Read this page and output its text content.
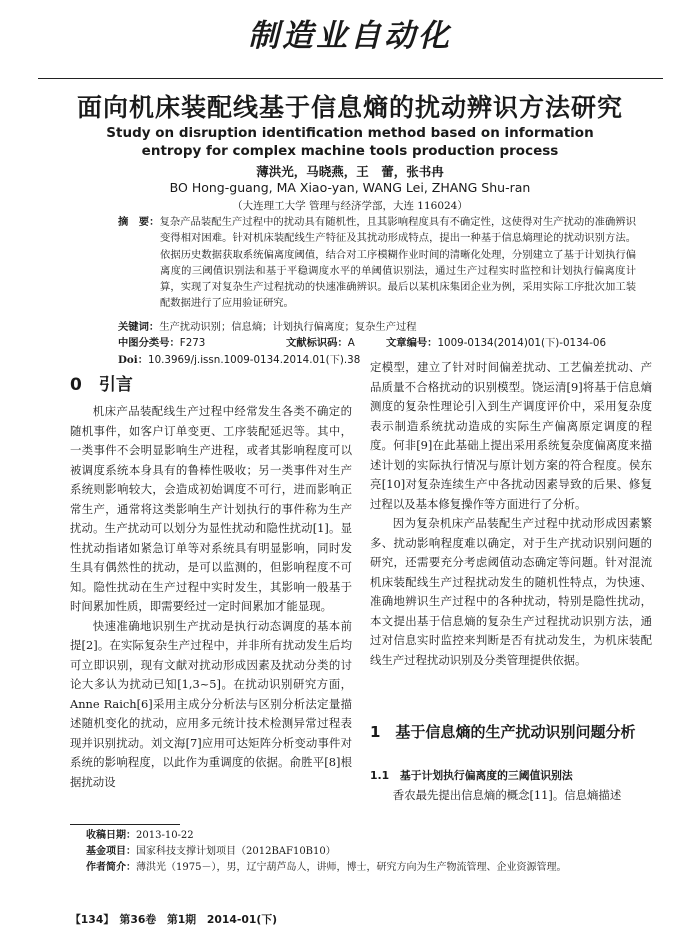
制造业自动化
面向机床装配线基于信息熵的扰动辨识方法研究
Study on disruption identification method based on information entropy for complex machine tools production process
薄洪光，马晓燕，王　蕾，张书冉
BO Hong-guang, MA Xiao-yan, WANG Lei, ZHANG Shu-ran
（大连理工大学 管理与经济学部，大连 116024）
摘　要：复杂产品装配生产过程中的扰动具有随机性，且其影响程度具有不确定性，这使得对生产扰动的准确辨识变得相对困难。针对机床装配线生产特征及其扰动形成特点，提出一种基于信息熵理论的扰动识别方法。依据历史数据获取系统偏离度阈值，结合对工序模糊作业时间的清晰化处理，分别建立了基于计划执行偏离度的三阈值识别法和基于平稳调度水平的单阈值识别法，通过生产过程实时监控和计划执行偏离度计算，实现了对复杂生产过程扰动的快速准确辨识。最后以某机床集团企业为例，采用实际工序批次加工装配数据进行了应用验证研究。
关键词：生产扰动识别；信息熵；计划执行偏离度；复杂生产过程
中图分类号：F273	文献标识码：A	文章编号：1009-0134(2014)01(下)-0134-06
Doi：10.3969/j.issn.1009-0134.2014.01(下).38
0　引言

机床产品装配线生产过程中经常发生各类不确定的随机事件，如客户订单变更、工序装配延迟等。其中，一类事件不会明显影响生产进程，或者其影响程度可以被调度系统本身具有的鲁棒性吸收；另一类事件对生产系统则影响较大，会造成初始调度不可行，进而影响正常生产，通常将这类影响生产计划执行的事件称为生产扰动。生产扰动可以划分为显性扰动和隐性扰动[1]。显性扰动指诸如紧急订单等对系统具有明显影响，同时发生具有偶然性的扰动，是可以监测的，但影响程度不可知。隐性扰动在生产过程中实时发生，其影响一般基于时间累加性质，即需要经过一定时间累加才能显现。

快速准确地识别生产扰动是执行动态调度的基本前提[2]。在实际复杂生产过程中，并非所有扰动发生后均可立即识别，现有文献对扰动形成因素及扰动分类的讨论大多认为扰动已知[1,3~5]。在扰动识别研究方面，Anne Raich[6]采用主成分分析法与区别分析法定量描述随机变化的扰动，应用多元统计技术检测异常过程表现并识别扰动。刘文海[7]应用可达矩阵分析变动事件对系统的影响程度，以此作为重调度的依据。俞胜平[8]根据扰动设

定模型，建立了针对时间偏差扰动、工艺偏差扰动、产品质量不合格扰动的识别模型。饶运清[9]将基于信息熵测度的复杂性理论引入到生产调度评价中，采用复杂度表示制造系统扰动造成的实际生产偏离原定调度的程度。何非[9]在此基础上提出采用系统复杂度偏离度来描述计划的实际执行情况与原计划方案的符合程度。侯东亮[10]对复杂连续生产中各扰动因素导致的后果、修复过程以及基本修复操作等方面进行了分析。

因为复杂机床产品装配生产过程中扰动形成因素繁多、扰动影响程度难以确定，对于生产扰动识别问题的研究，还需要充分考虑阈值动态确定等问题。针对混流机床装配线生产过程扰动发生的随机性特点，为快速、准确地辨识生产过程中的各种扰动，特别是隐性扰动，本文提出基于信息熵的复杂生产过程扰动识别方法，通过对信息实时监控来判断是否有扰动发生，为机床装配线生产过程扰动识别及分类管理提供依据。

1　基于信息熵的生产扰动识别问题分析
1.1　基于计划执行偏离度的三阈值识别法

香农最先提出信息熵的概念[11]。信息熵描述

收稿日期：2013-10-22
基金项目：国家科技支撑计划项目（2012BAF10B10）
作者简介：薄洪光（1975－），男，辽宁葫芦岛人，讲师，博士，研究方向为生产物流管理、企业资源管理。
【134】　第36卷　第1期　2014-01(下)
